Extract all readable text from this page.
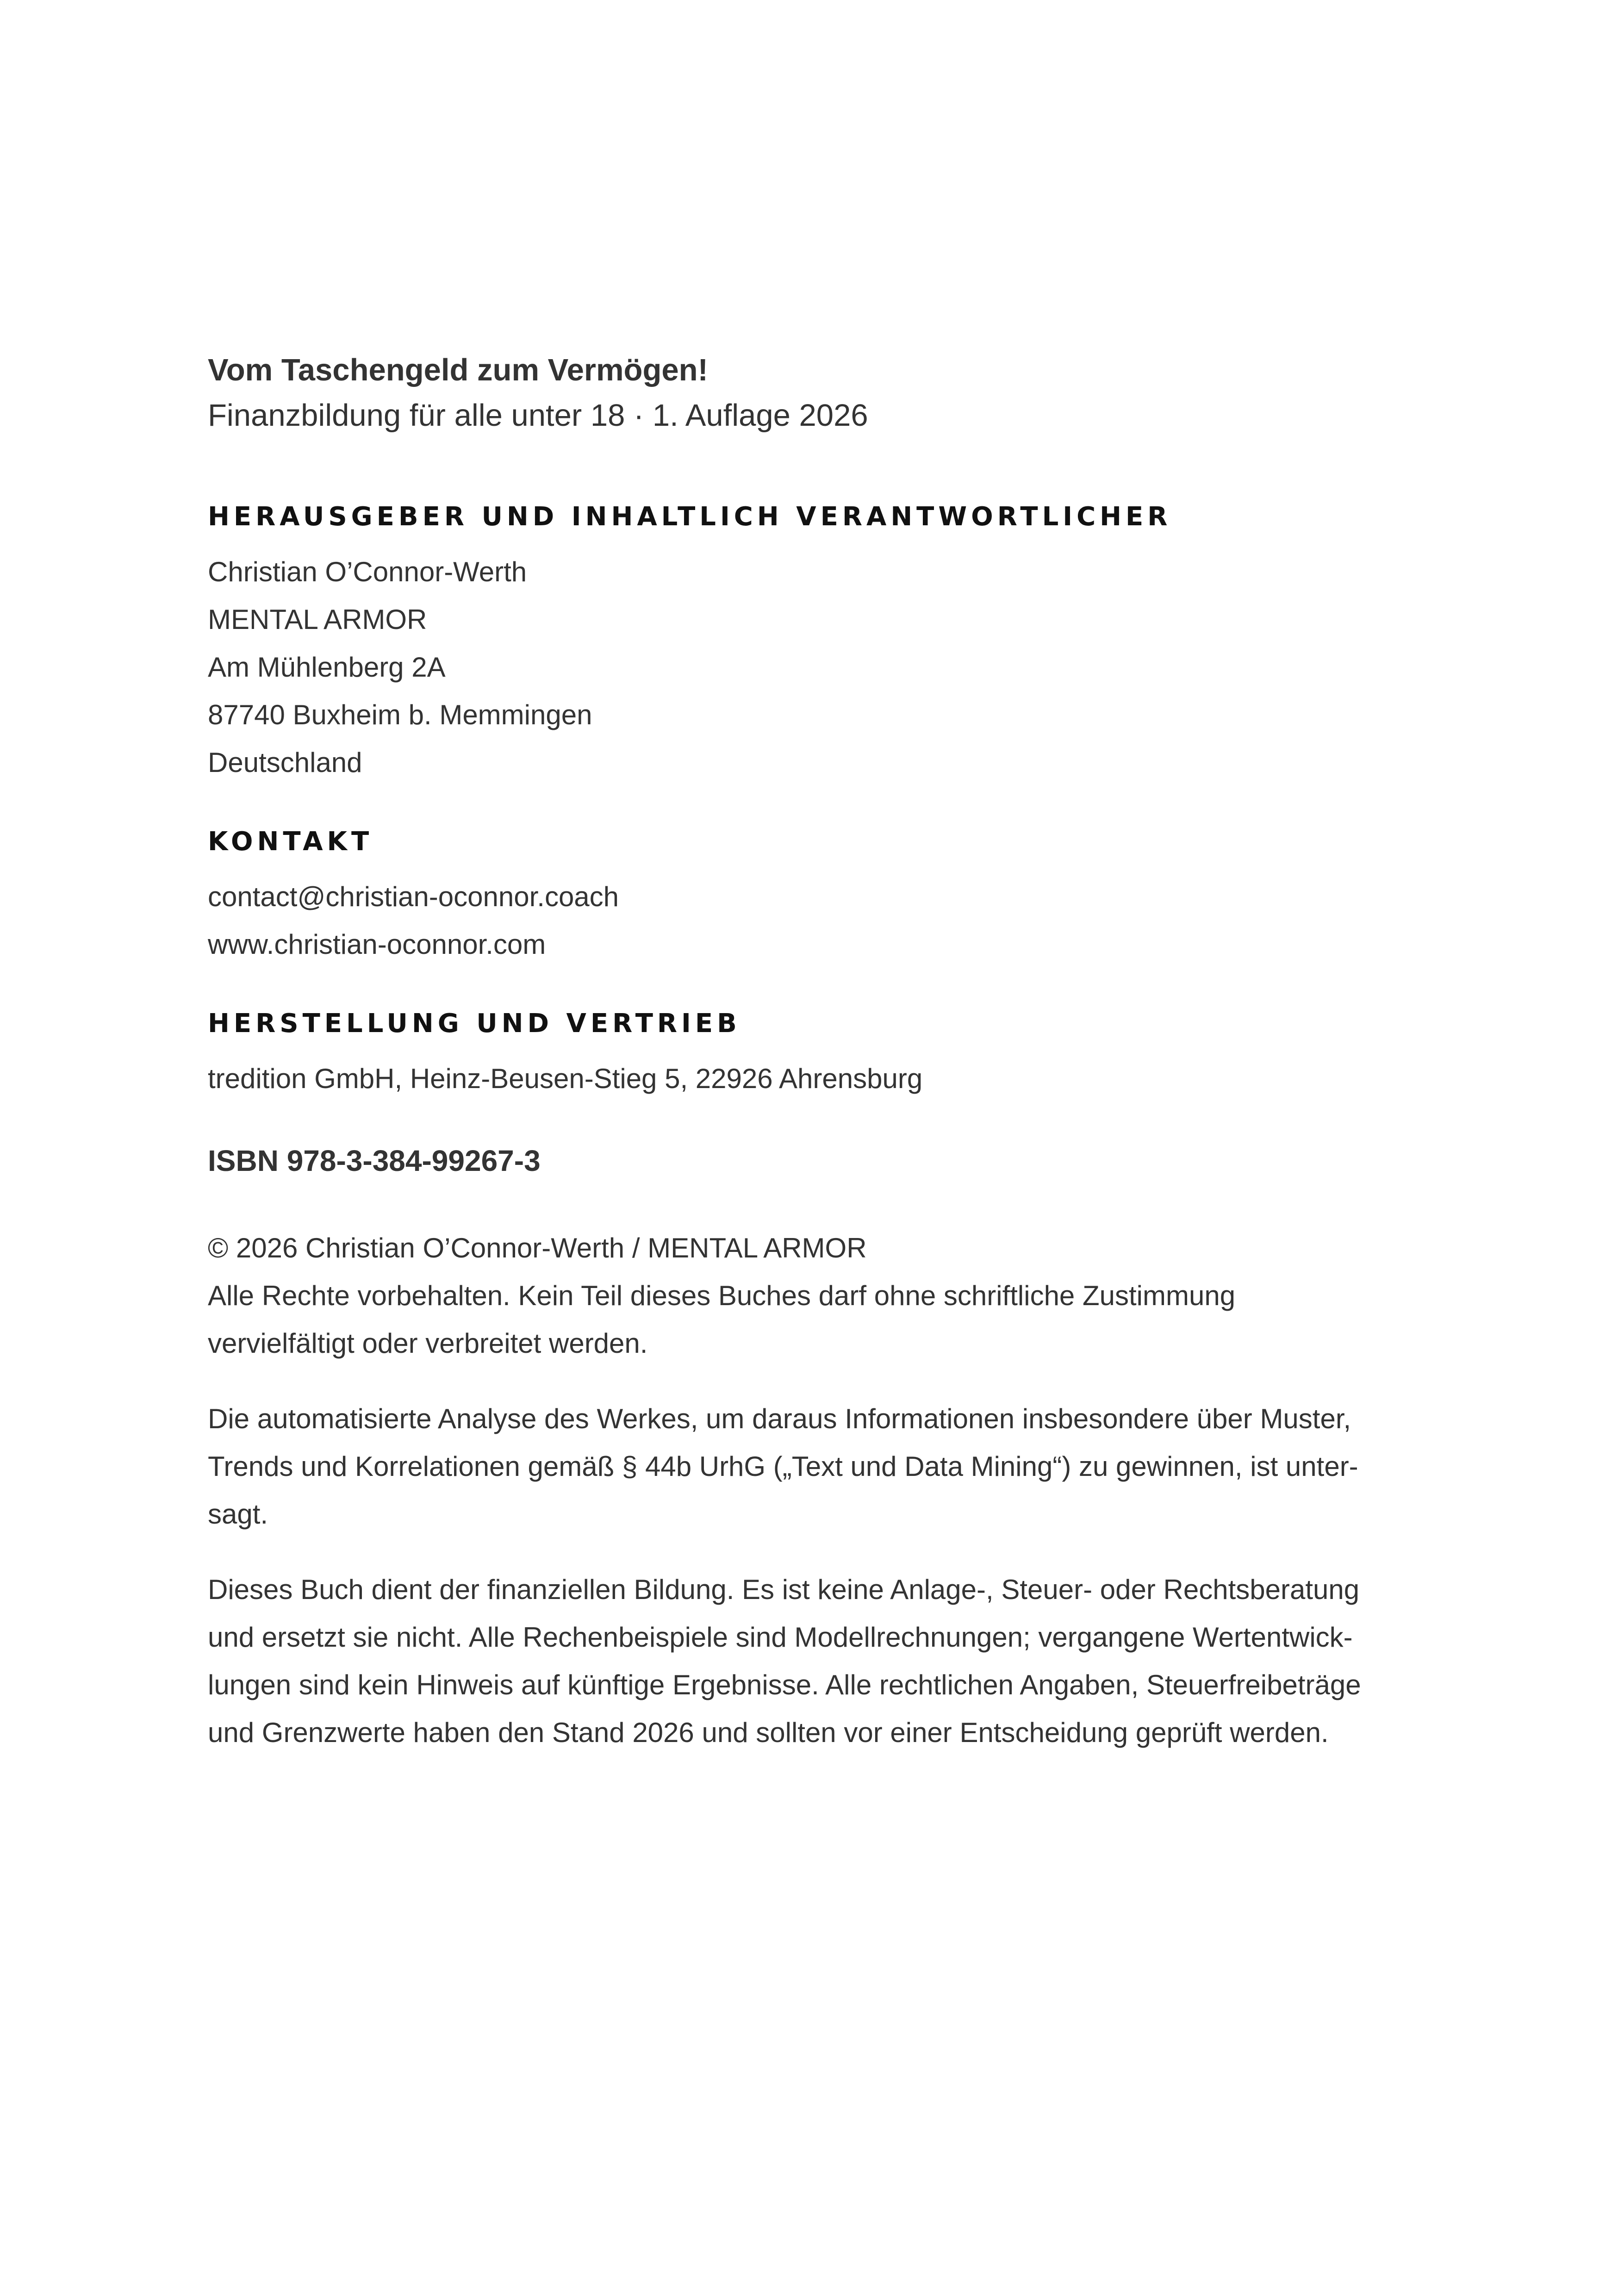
Vom Taschengeld zum Vermögen!

Finanzbildung für alle unter 18 · 1. Auflage 2026

HERAUSGEBER UND INHALTLICH VERANTWORTLICHER

Christian O’Connor-Werth
MENTAL ARMOR
Am Mühlenberg 2A
87740 Buxheim b. Memmingen
Deutschland

KONTAKT

contact@christian-oconnor.coach
www.christian-oconnor.com

HERSTELLUNG UND VERTRIEB

tredition GmbH, Heinz-Beusen-Stieg 5, 22926 Ahrensburg

ISBN 978-3-384-99267-3

© 2026 Christian O’Connor-Werth / MENTAL ARMOR
Alle Rechte vorbehalten. Kein Teil dieses Buches darf ohne schriftliche Zustimmung
vervielfältigt oder verbreitet werden.
Die automatisierte Analyse des Werkes, um daraus Informationen insbesondere über Muster,
Trends und Korrelationen gemäß § 44b UrhG („Text und Data Mining“) zu gewinnen, ist unter-
sagt.
Dieses Buch dient der finanziellen Bildung. Es ist keine Anlage-, Steuer- oder Rechtsberatung
und ersetzt sie nicht. Alle Rechenbeispiele sind Modellrechnungen; vergangene Wertentwick-
lungen sind kein Hinweis auf künftige Ergebnisse. Alle rechtlichen Angaben, Steuerfreibeträge
und Grenzwerte haben den Stand 2026 und sollten vor einer Entscheidung geprüft werden.
